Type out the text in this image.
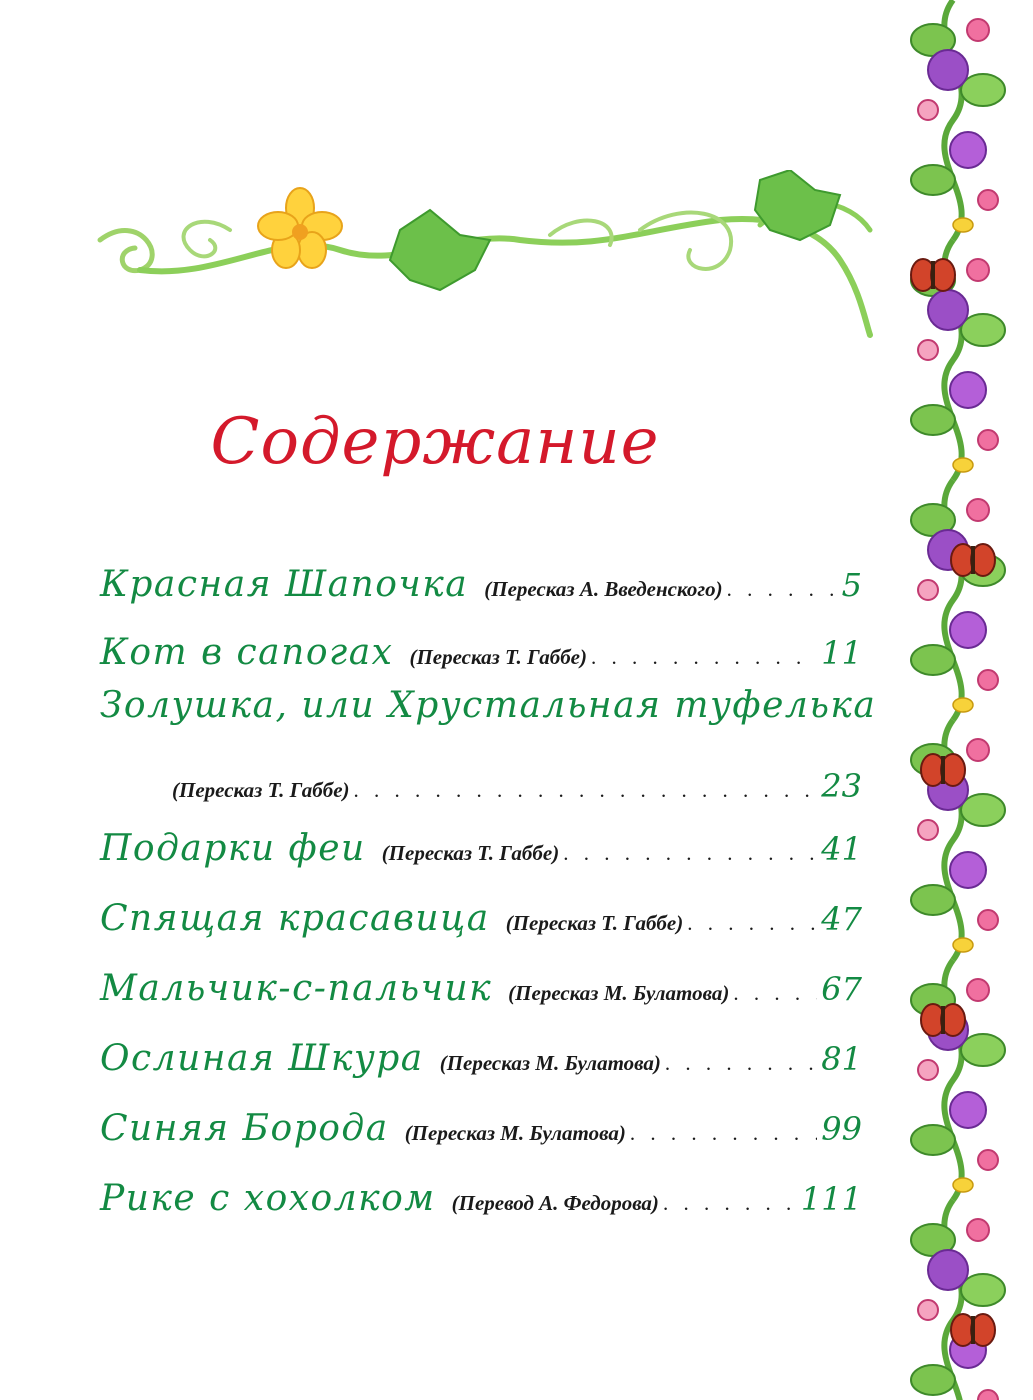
Содержание
Красная Шапочка (Пересказ А. Введенского) . . .	5
Кот в сапогах (Пересказ Т. Габбе) . . .	11
Золушка, или Хрустальная туфелька
(Пересказ Т. Габбе) . . .	23
Подарки феи (Пересказ Т. Габбе) . . .	41
Спящая красавица (Пересказ Т. Габбе) . . .	47
Мальчик-с-пальчик (Пересказ М. Булатова) . . .	67
Ослиная Шкура (Пересказ М. Булатова) . . .	81
Синяя Борода (Пересказ М. Булатова) . . .	99
Рике с хохолком (Перевод А. Федорова) . . .	111
